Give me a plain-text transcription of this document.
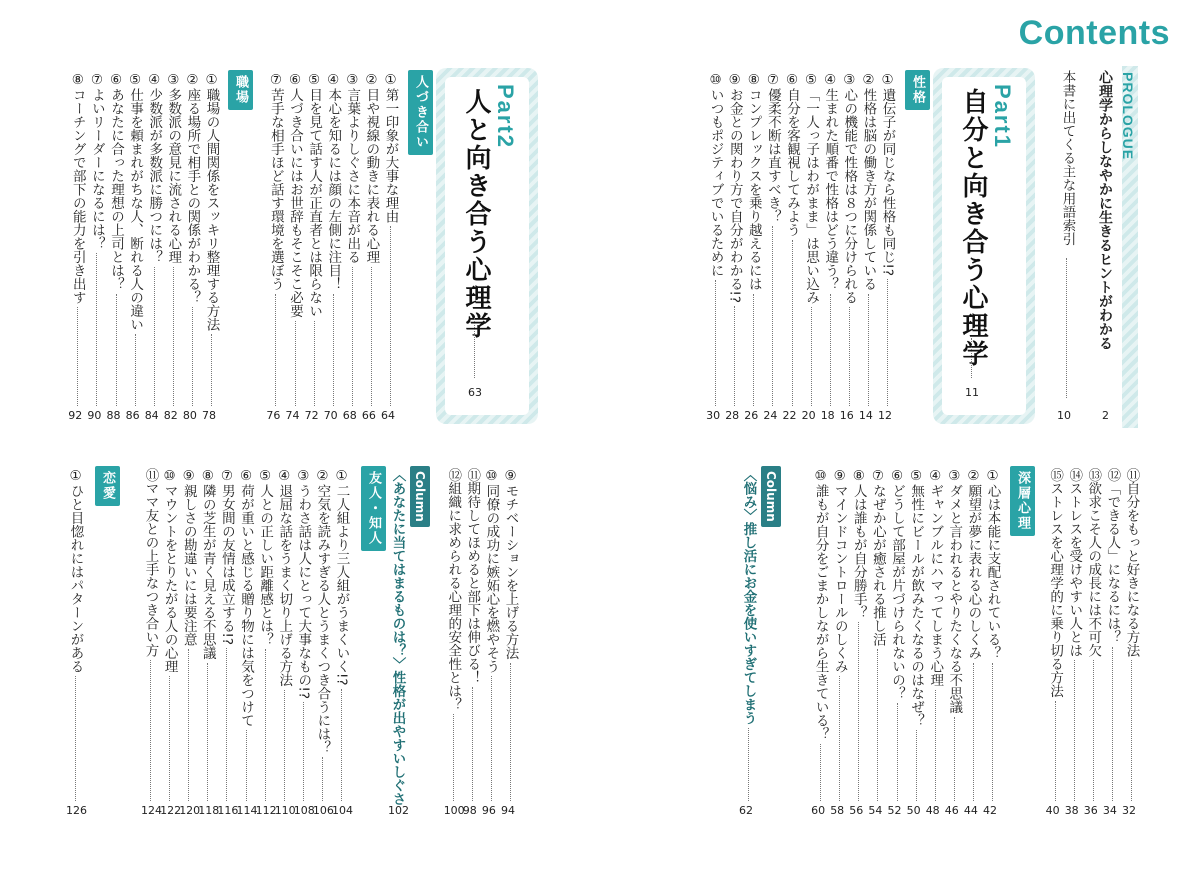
Contents
PROLOGUE
心理学からしなやかに生きるヒントがわかる
2
本書に出てくる主な用語索引
10
Part1
自分と向き合う心理学
11
Part2
人と向き合う心理学
63
性格
①遺伝子が同じなら性格も同じ!?
12
②性格は脳の働き方が関係している
14
③心の機能で性格は８つに分けられる
16
④生まれた順番で性格はどう違う？
18
⑤「一人っ子はわがまま」は思い込み
20
⑥自分を客観視してみよう
22
⑦優柔不断は直すべき？
24
⑧コンプレックスを乗り越えるには
26
⑨お金との関わり方で自分がわかる!?
28
⑩いつもポジティブでいるために
30
⑪自分をもっと好きになる方法
32
⑫「できる人」になるには？
34
⑬欲求こそ人の成長には不可欠
36
⑭ストレスを受けやすい人とは
38
⑮ストレスを心理学的に乗り切る方法
40
深層心理
①心は本能に支配されている？
42
②願望が夢に表れる心のしくみ
44
③ダメと言われるとやりたくなる不思議
46
④ギャンブルにハマってしまう心理
48
⑤無性にビールが飲みたくなるのはなぜ？
50
⑥どうして部屋が片づけられないの？
52
⑦なぜか心が癒される推し活
54
⑧人は誰もが自分勝手？
56
⑨マインドコントロールのしくみ
58
⑩誰もが自分をごまかしながら生きている？
60
Column
〈悩み〉推し活にお金を使いすぎてしまう
62
人づき合い
①第一印象が大事な理由
64
②目や視線の動きに表れる心理
66
③言葉よりしぐさに本音が出る
68
④本心を知るには顔の左側に注目！
70
⑤目を見て話す人が正直者とは限らない
72
⑥人づき合いにはお世辞もそこそこ必要
74
⑦苦手な相手ほど話す環境を選ぼう
76
職場
①職場の人間関係をスッキリ整理する方法
78
②座る場所で相手との関係がわかる？
80
③多数派の意見に流される心理
82
④少数派が多数派に勝つには？
84
⑤仕事を頼まれがちな人、断れる人の違い
86
⑥あなたに合った理想の上司とは？
88
⑦よいリーダーになるには？
90
⑧コーチングで部下の能力を引き出す
92
⑨モチベーションを上げる方法
94
⑩同僚の成功に嫉妬心を燃やそう
96
⑪期待してほめると部下は伸びる！
98
⑫組織に求められる心理的安全性とは？
100
Column
〈あなたに当てはまるものは？〉性格が出やすいしぐさ
102
友人・知人
①二人組より三人組がうまくいく!?
104
②空気を読みすぎる人とうまくつき合うには？
106
③うわさ話は人にとって大事なもの!?
108
④退屈な話をうまく切り上げる方法
110
⑤人との正しい距離感とは？
112
⑥荷が重いと感じる贈り物には気をつけて
114
⑦男女間の友情は成立する!?
116
⑧隣の芝生が青く見える不思議
118
⑨親しさの勘違いには要注意
120
⑩マウントをとりたがる人の心理
122
⑪ママ友との上手なつき合い方
124
恋愛
①ひと目惚れにはパターンがある
126
